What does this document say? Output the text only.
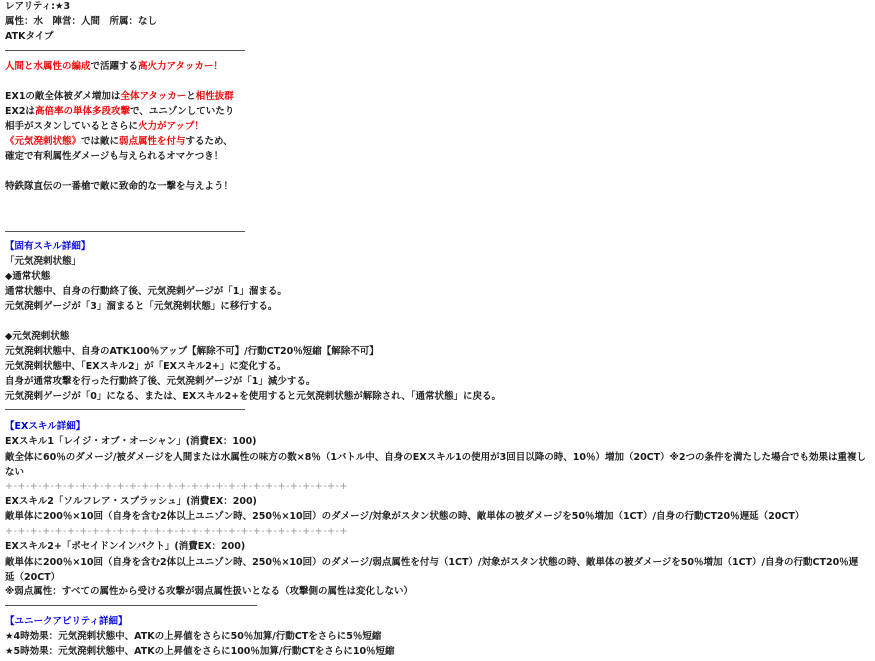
レアリティ:★3
属性：水　陣営：人間　所属：なし
ATKタイプ
人間と水属性の編成で活躍する高火力アタッカー！
EX1の敵全体被ダメ増加は全体アタッカーと相性抜群
EX2は高倍率の単体多段攻撃で、ユニゾンしていたり
相手がスタンしているとさらに火力がアップ！
《元気溌剌状態》では敵に弱点属性を付与するため、
確定で有利属性ダメージも与えられるオマケつき！
特鉄隊直伝の一番槍で敵に致命的な一撃を与えよう！
【固有スキル詳細】
「元気溌剌状態」
◆通常状態
通常状態中、自身の行動終了後、元気溌剌ゲージが「1」溜まる。
元気溌剌ゲージが「3」溜まると「元気溌剌状態」に移行する。
◆元気溌剌状態
元気溌剌状態中、自身のATK100％アップ【解除不可】/行動CT20％短縮【解除不可】
元気溌剌状態中、「EXスキル2」が「EXスキル2+」に変化する。
自身が通常攻撃を行った行動終了後、元気溌剌ゲージが「1」減少する。
元気溌剌ゲージが「0」になる、または、EXスキル2+を使用すると元気溌剌状態が解除され、「通常状態」に戻る。
【EXスキル詳細】
EXスキル1「レイジ・オブ・オーシャン」(消費EX：100)
敵全体に60％のダメージ/被ダメージを人間または水属性の味方の数×8％（1バトル中、自身のEXスキル1の使用が3回目以降の時、10％）増加（20CT）※2つの条件を満たした場合でも効果は重複しない
+-+-+-+-+-+-+-+-+-+-+-+-+-+-+-+-+-+-+-+-+-+-+-+-+-+-+-+
EXスキル2「ソルフレア・スプラッシュ」(消費EX：200)
敵単体に200％×10回（自身を含む2体以上ユニゾン時、250％×10回）のダメージ/対象がスタン状態の時、敵単体の被ダメージを50％増加（1CT）/自身の行動CT20％遅延（20CT）
+-+-+-+-+-+-+-+-+-+-+-+-+-+-+-+-+-+-+-+-+-+-+-+-+-+-+-+
EXスキル2+「ポセイドンインパクト」(消費EX：200)
敵単体に200％×10回（自身を含む2体以上ユニゾン時、250％×10回）のダメージ/弱点属性を付与（1CT）/対象がスタン状態の時、敵単体の被ダメージを50％増加（1CT）/自身の行動CT20％遅延（20CT）
※弱点属性：すべての属性から受ける攻撃が弱点属性扱いとなる（攻撃側の属性は変化しない）
【ユニークアビリティ詳細】
★4時効果：元気溌剌状態中、ATKの上昇値をさらに50％加算/行動CTをさらに5％短縮
★5時効果：元気溌剌状態中、ATKの上昇値をさらに100％加算/行動CTをさらに10％短縮
